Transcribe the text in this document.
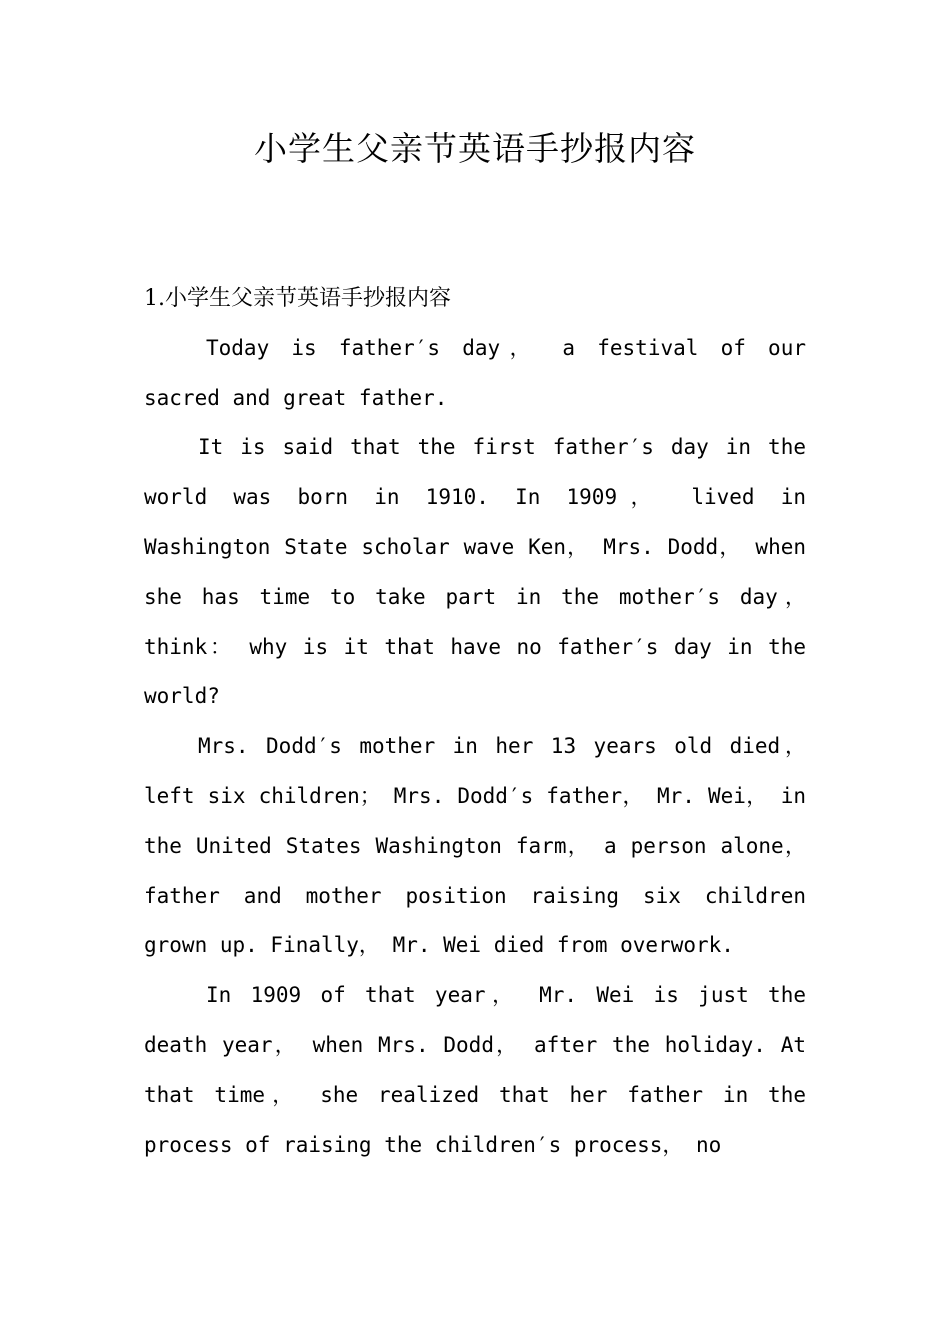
小学生父亲节英语手抄报内容

1.小学生父亲节英语手抄报内容

Today is father′s day， a festival of our sacred and great father.

It is said that the first father′s day in the world was born in 1910. In 1909， lived in Washington State scholar wave Ken， Mrs. Dodd， when she has time to take part in the mother′s day， think： why is it that have no father′s day in the world?

Mrs. Dodd′s mother in her 13 years old died， left six children； Mrs. Dodd′s father， Mr. Wei， in the United States Washington farm， a person alone， father and mother position raising six children grown up. Finally， Mr. Wei died from overwork.

In 1909 of that year， Mr. Wei is just the death year， when Mrs. Dodd， after the holiday. At that time， she realized that her father in the process of raising the children′s process， no
